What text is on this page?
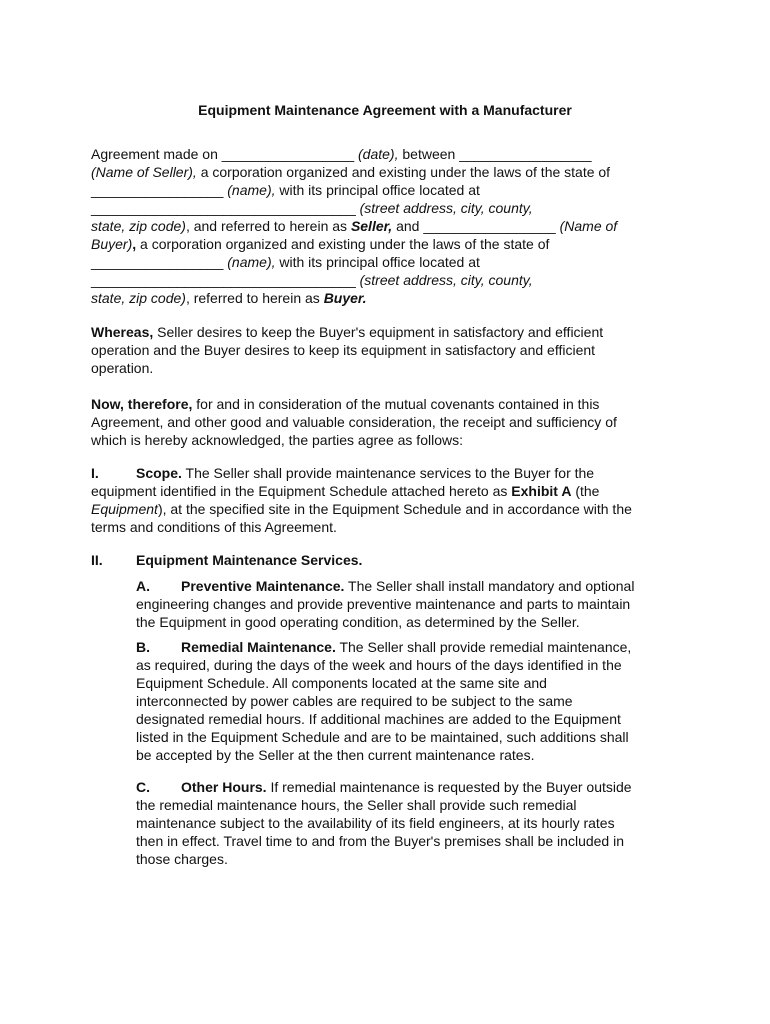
Equipment Maintenance Agreement with a Manufacturer
Agreement made on _________________ (date), between _________________
(Name of Seller), a corporation organized and existing under the laws of the state of
_________________ (name), with its principal office located at
__________________________________ (street address, city, county,
state, zip code), and referred to herein as Seller, and _________________ (Name of
Buyer), a corporation organized and existing under the laws of the state of
_________________ (name), with its principal office located at
__________________________________ (street address, city, county,
state, zip code), referred to herein as Buyer.
Whereas, Seller desires to keep the Buyer's equipment in satisfactory and efficient
operation and the Buyer desires to keep its equipment in satisfactory and efficient
operation.
Now, therefore, for and in consideration of the mutual covenants contained in this
Agreement, and other good and valuable consideration, the receipt and sufficiency of
which is hereby acknowledged, the parties agree as follows:
I.	Scope. The Seller shall provide maintenance services to the Buyer for the
equipment identified in the Equipment Schedule attached hereto as Exhibit A (the
Equipment), at the specified site in the Equipment Schedule and in accordance with the
terms and conditions of this Agreement.
II. Equipment Maintenance Services.
A. Preventive Maintenance. The Seller shall install mandatory and optional
engineering changes and provide preventive maintenance and parts to maintain
the Equipment in good operating condition, as determined by the Seller.
B. Remedial Maintenance. The Seller shall provide remedial maintenance,
as required, during the days of the week and hours of the days identified in the
Equipment Schedule. All components located at the same site and
interconnected by power cables are required to be subject to the same
designated remedial hours. If additional machines are added to the Equipment
listed in the Equipment Schedule and are to be maintained, such additions shall
be accepted by the Seller at the then current maintenance rates.
C. Other Hours. If remedial maintenance is requested by the Buyer outside
the remedial maintenance hours, the Seller shall provide such remedial
maintenance subject to the availability of its field engineers, at its hourly rates
then in effect. Travel time to and from the Buyer's premises shall be included in
those charges.
